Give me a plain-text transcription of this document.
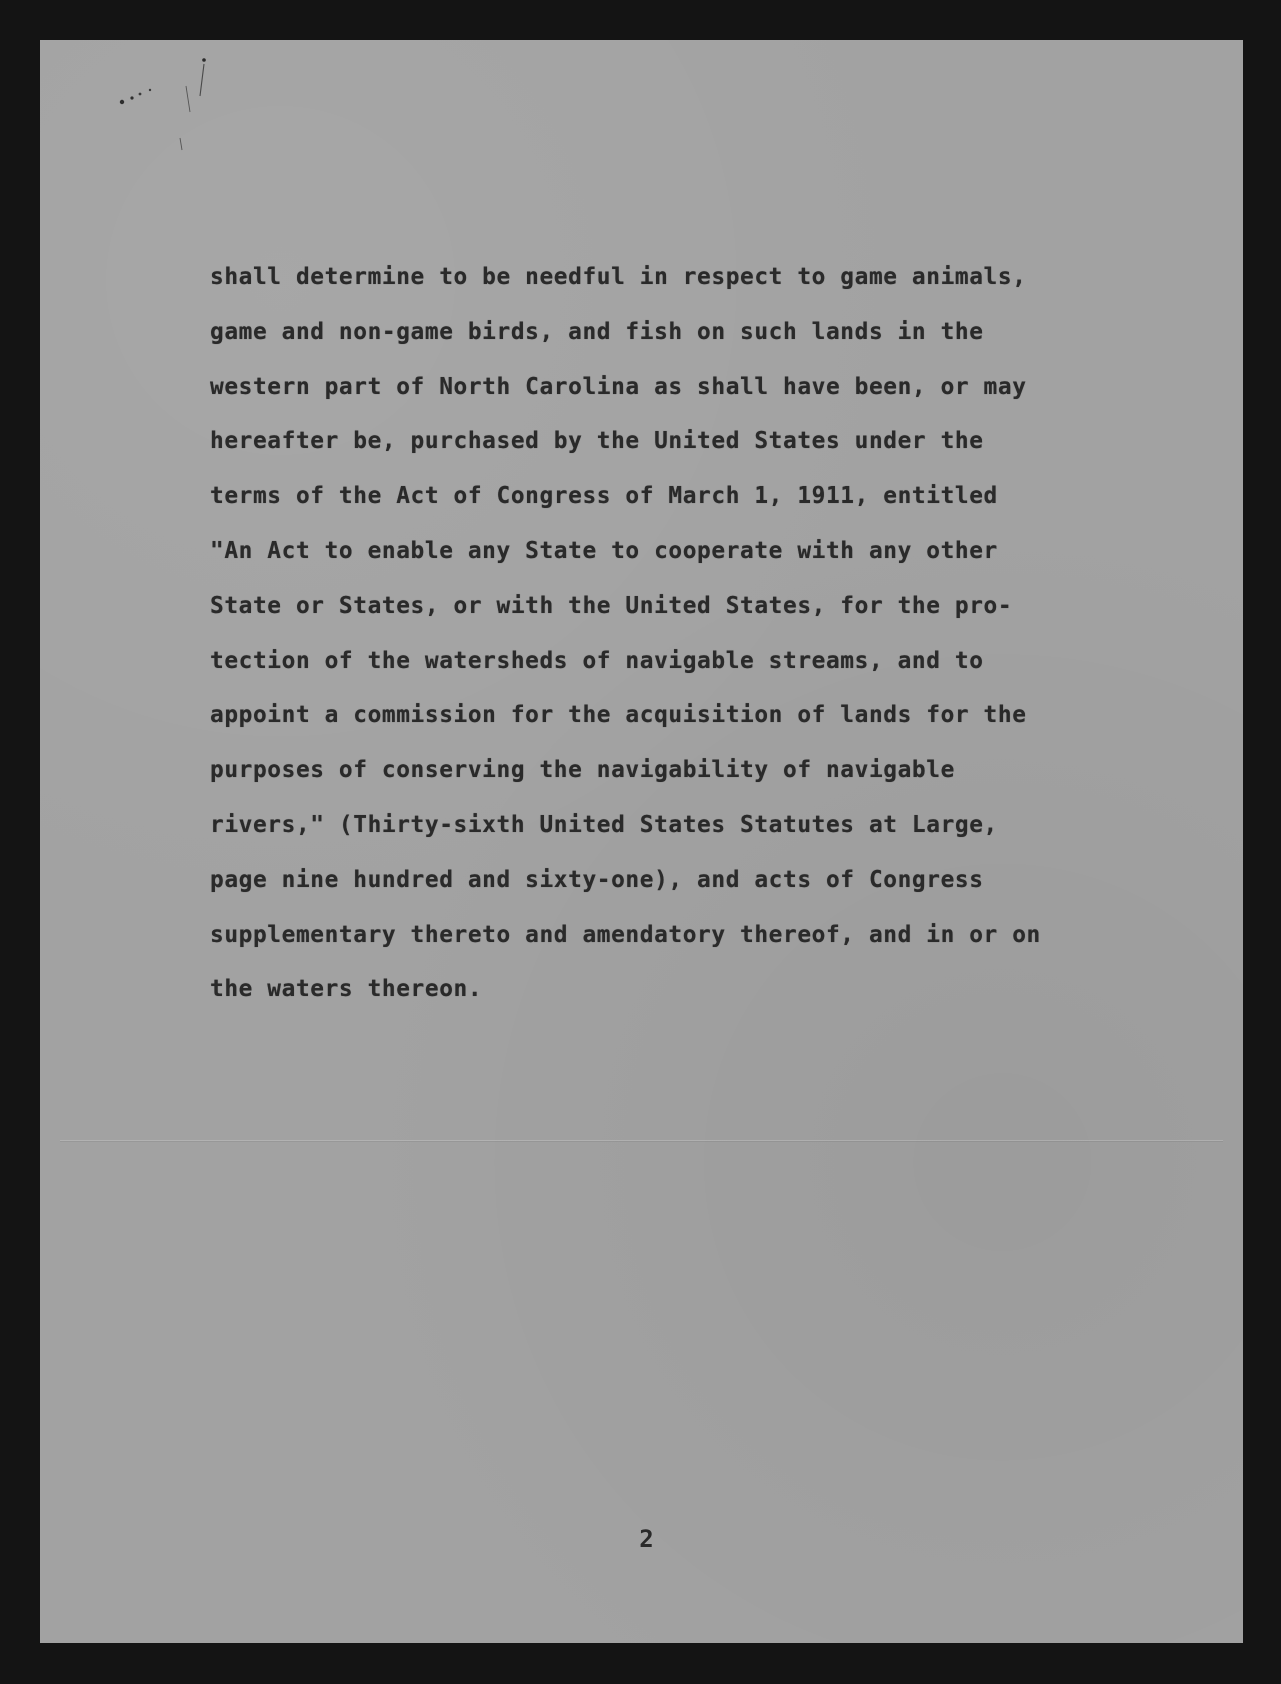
shall determine to be needful in respect to game animals,
game and non-game birds, and fish on such lands in the
western part of North Carolina as shall have been, or may
hereafter be, purchased by the United States under the
terms of the Act of Congress of March 1, 1911, entitled
"An Act to enable any State to cooperate with any other
State or States, or with the United States, for the pro-
tection of the watersheds of navigable streams, and to
appoint a commission for the acquisition of lands for the
purposes of conserving the navigability of navigable
rivers," (Thirty-sixth United States Statutes at Large,
page nine hundred and sixty-one), and acts of Congress
supplementary thereto and amendatory thereof, and in or on
the waters thereon.
2
